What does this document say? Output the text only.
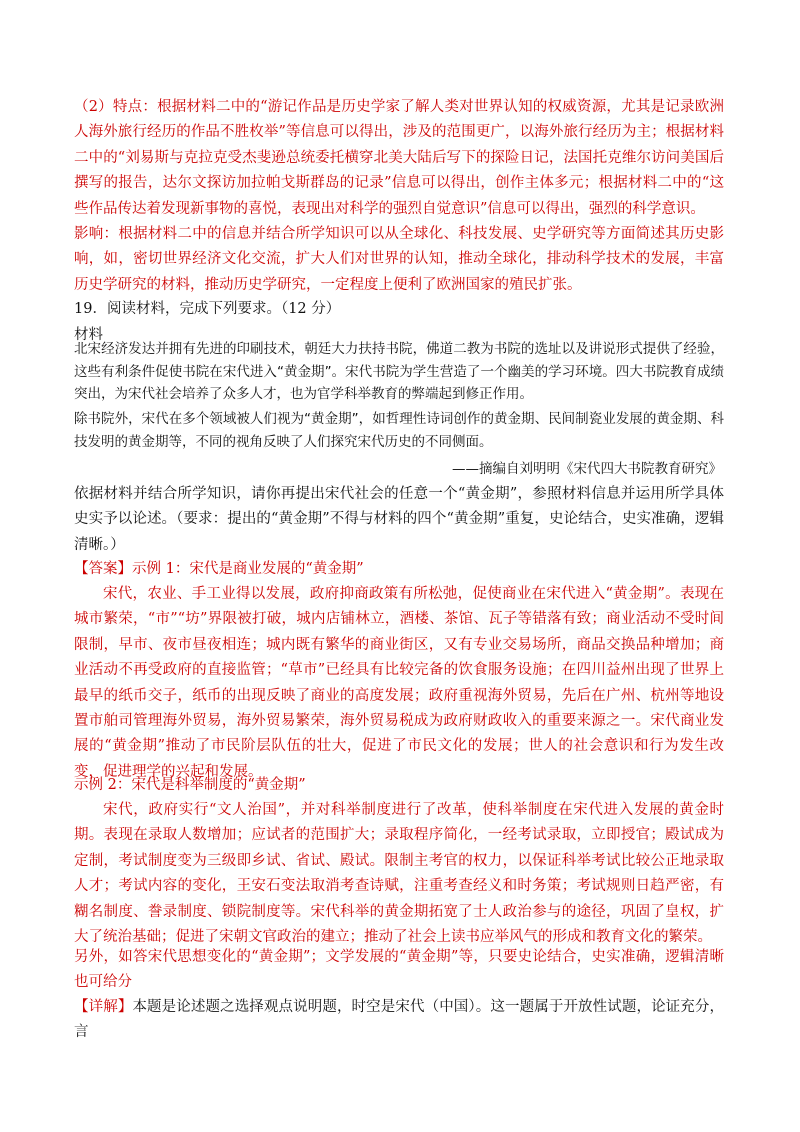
（2）特点：根据材料二中的“游记作品是历史学家了解人类对世界认知的权威资源，尤其是记录欧洲人海外旅行经历的作品不胜枚举”等信息可以得出，涉及的范围更广，以海外旅行经历为主；根据材料二中的“刘易斯与克拉克受杰斐逊总统委托横穿北美大陆后写下的探险日记，法国托克维尔访问美国后撰写的报告，达尔文探访加拉帕戈斯群岛的记录”信息可以得出，创作主体多元；根据材料二中的“这些作品传达着发现新事物的喜悦，表现出对科学的强烈自觉意识”信息可以得出，强烈的科学意识。

影响：根据材料二中的信息并结合所学知识可以从全球化、科技发展、史学研究等方面简述其历史影响，如，密切世界经济文化交流，扩大人们对世界的认知，推动全球化，排动科学技术的发展，丰富历史学研究的材料，推动历史学研究，一定程度上便利了欧洲国家的殖民扩张。

19．阅读材料，完成下列要求。（12 分）

材料

北宋经济发达并拥有先进的印刷技术，朝廷大力扶持书院，佛道二教为书院的选址以及讲说形式提供了经验，这些有利条件促使书院在宋代进入“黄金期”。宋代书院为学生营造了一个幽美的学习环境。四大书院教育成绩突出，为宋代社会培养了众多人才，也为官学科举教育的弊端起到修正作用。

除书院外，宋代在多个领域被人们视为“黄金期”，如哲理性诗词创作的黄金期、民间制瓷业发展的黄金期、科技发明的黄金期等，不同的视角反映了人们探究宋代历史的不同侧面。

——摘编自刘明明《宋代四大书院教育研究》

依据材料并结合所学知识，请你再提出宋代社会的任意一个“黄金期”，参照材料信息并运用所学具体史实予以论述。（要求：提出的“黄金期”不得与材料的四个“黄金期”重复，史论结合，史实准确，逻辑清晰。）

【答案】示例 1：宋代是商业发展的“黄金期”

宋代，农业、手工业得以发展，政府抑商政策有所松弛，促使商业在宋代进入“黄金期”。表现在城市繁荣，“市”“坊”界限被打破，城内店铺林立，酒楼、茶馆、瓦子等错落有致；商业活动不受时间限制，早市、夜市昼夜相连；城内既有繁华的商业街区，又有专业交易场所，商品交换品种增加；商业活动不再受政府的直接监管；“草市”已经具有比较完备的饮食服务设施；在四川益州出现了世界上最早的纸币交子，纸币的出现反映了商业的高度发展；政府重视海外贸易，先后在广州、杭州等地设置市舶司管理海外贸易，海外贸易繁荣，海外贸易税成为政府财政收入的重要来源之一。宋代商业发展的“黄金期”推动了市民阶层队伍的壮大，促进了市民文化的发展；世人的社会意识和行为发生改变，促进理学的兴起和发展。

示例 2：宋代是科举制度的“黄金期”

宋代，政府实行“文人治国”，并对科举制度进行了改革，使科举制度在宋代进入发展的黄金时期。表现在录取人数增加；应试者的范围扩大；录取程序简化，一经考试录取，立即授官；殿试成为定制，考试制度变为三级即乡试、省试、殿试。限制主考官的权力，以保证科举考试比较公正地录取人才；考试内容的变化，王安石变法取消考查诗赋，注重考查经义和时务策；考试规则日趋严密，有糊名制度、誊录制度、锁院制度等。宋代科举的黄金期拓宽了士人政治参与的途径，巩固了皇权，扩大了统治基础；促进了宋朝文官政治的建立；推动了社会上读书应举风气的形成和教育文化的繁荣。

另外，如答宋代思想变化的“黄金期”；文学发展的“黄金期”等，只要史论结合，史实准确，逻辑清晰也可给分

【详解】本题是论述题之选择观点说明题，时空是宋代（中国）。这一题属于开放性试题，论证充分，言
